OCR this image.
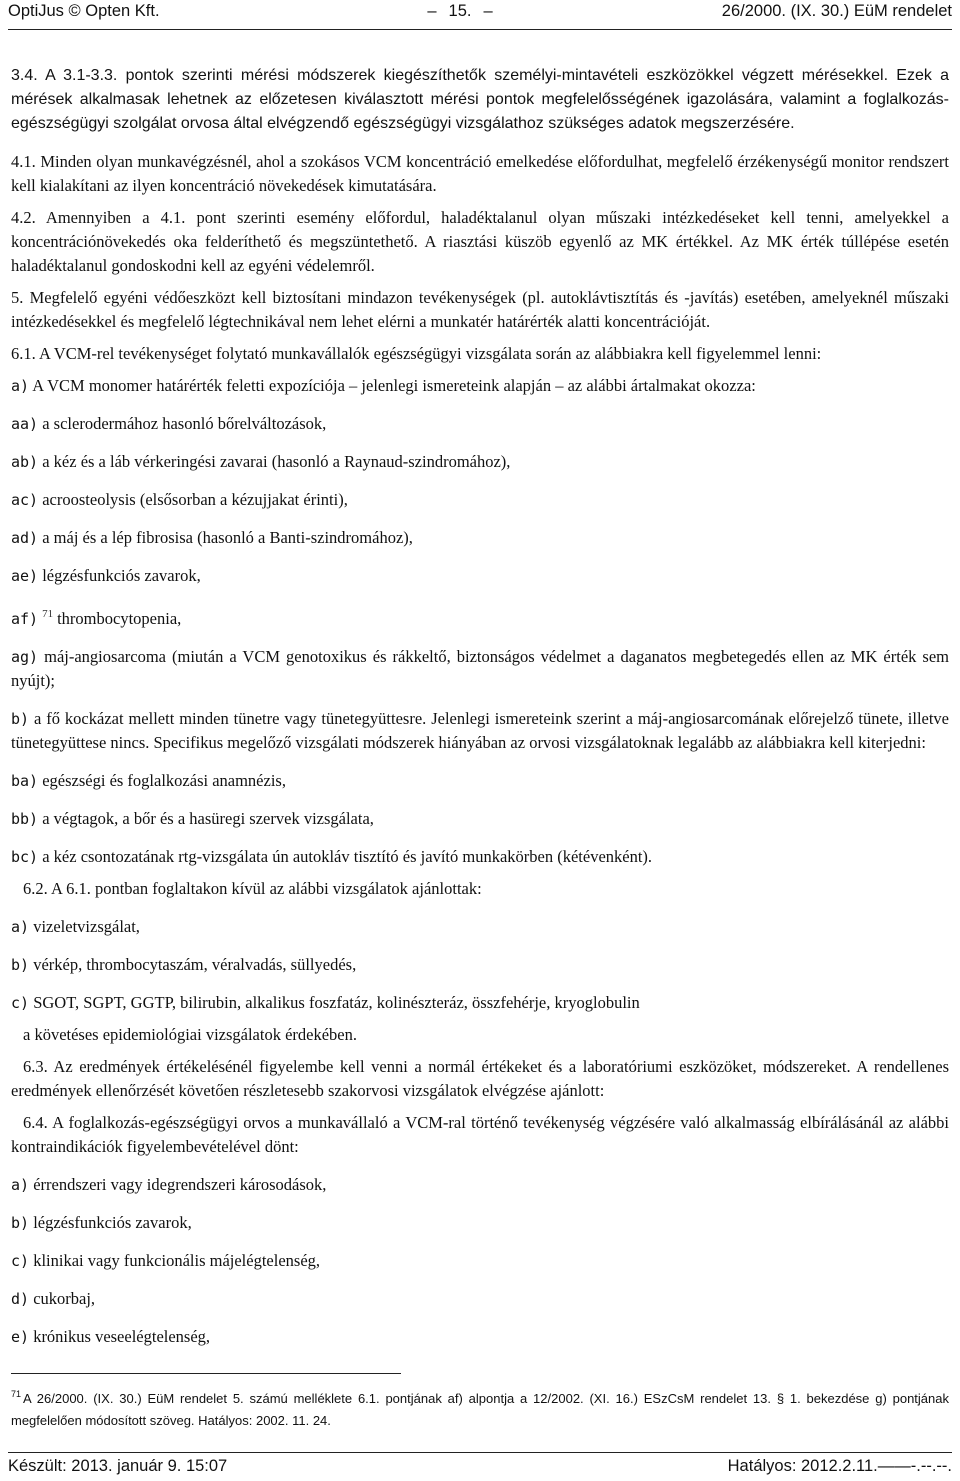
OptiJus © Opten Kft.	– 15. –	26/2000. (IX. 30.) EüM rendelet

3.4. A 3.1-3.3. pontok szerinti mérési módszerek kiegészíthetők személyi-mintavételi eszközökkel végzett mérésekkel. Ezek a mérések alkalmasak lehetnek az előzetesen kiválasztott mérési pontok megfelelősségének igazolására, valamint a foglalkozás-egészségügyi szolgálat orvosa által elvégzendő egészségügyi vizsgálathoz szükséges adatok megszerzésére.

4.1. Minden olyan munkavégzésnél, ahol a szokásos VCM koncentráció emelkedése előfordulhat, megfelelő érzékenységű monitor rendszert kell kialakítani az ilyen koncentráció növekedések kimutatására.

4.2. Amennyiben a 4.1. pont szerinti esemény előfordul, haladéktalanul olyan műszaki intézkedéseket kell tenni, amelyekkel a koncentrációnövekedés oka felderíthető és megszüntethető. A riasztási küszöb egyenlő az MK értékkel. Az MK érték túllépése esetén haladéktalanul gondoskodni kell az egyéni védelemről.

5. Megfelelő egyéni védőeszközt kell biztosítani mindazon tevékenységek (pl. autoklávtisztítás és -javítás) esetében, amelyeknél műszaki intézkedésekkel és megfelelő légtechnikával nem lehet elérni a munkatér határérték alatti koncentrációját.

6.1. A VCM-rel tevékenységet folytató munkavállalók egészségügyi vizsgálata során az alábbiakra kell figyelemmel lenni:

a) A VCM monomer határérték feletti expozíciója – jelenlegi ismereteink alapján – az alábbi ártalmakat okozza:

aa) a sclerodermához hasonló bőrelváltozások,

ab) a kéz és a láb vérkeringési zavarai (hasonló a Raynaud-szindromához),

ac) acroosteolysis (elsősorban a kézujjakat érinti),

ad) a máj és a lép fibrosisa (hasonló a Banti-szindromához),

ae) légzésfunkciós zavarok,

af) $^{71}$ thrombocytopenia,

ag) máj-angiosarcoma (miután a VCM genotoxikus és rákkeltő, biztonságos védelmet a daganatos megbetegedés ellen az MK érték sem nyújt);

b) a fő kockázat mellett minden tünetre vagy tünetegyüttesre. Jelenlegi ismereteink szerint a máj-angiosarcomának előrejelző tünete, illetve tünetegyüttese nincs. Specifikus megelőző vizsgálati módszerek hiányában az orvosi vizsgálatoknak legalább az alábbiakra kell kiterjedni:

ba) egészségi és foglalkozási anamnézis,

bb) a végtagok, a bőr és a hasüregi szervek vizsgálata,

bc) a kéz csontozatának rtg-vizsgálata ún autokláv tisztító és javító munkakörben (kétévenként).

6.2. A 6.1. pontban foglaltakon kívül az alábbi vizsgálatok ajánlottak:

a) vizeletvizsgálat,

b) vérkép, thrombocytaszám, véralvadás, süllyedés,

c) SGOT, SGPT, GGTP, bilirubin, alkalikus foszfatáz, kolinészteráz, összfehérje, kryoglobulin

a követéses epidemiológiai vizsgálatok érdekében.

6.3. Az eredmények értékelésénél figyelembe kell venni a normál értékeket és a laboratóriumi eszközöket, módszereket. A rendellenes eredmények ellenőrzését követően részletesebb szakorvosi vizsgálatok elvégzése ajánlott:

6.4. A foglalkozás-egészségügyi orvos a munkavállaló a VCM-ral történő tevékenység végzésére való alkalmasság elbírálásánál az alábbi kontraindikációk figyelembevételével dönt:

a) érrendszeri vagy idegrendszeri károsodások,

b) légzésfunkciós zavarok,

c) klinikai vagy funkcionális májelégtelenség,

d) cukorbaj,

e) krónikus veseelégtelenség,

$^{71}$ A 26/2000. (IX. 30.) EüM rendelet 5. számú melléklete 6.1. pontjának af) alpontja a 12/2002. (XI. 16.) ESzCsM rendelet 13. § 1. bekezdése g) pontjának megfelelően módosított szöveg. Hatályos: 2002. 11. 24.
Készült: 2013. január 9. 15:07	Hatályos: 2012.2.11.——-.--.--.
